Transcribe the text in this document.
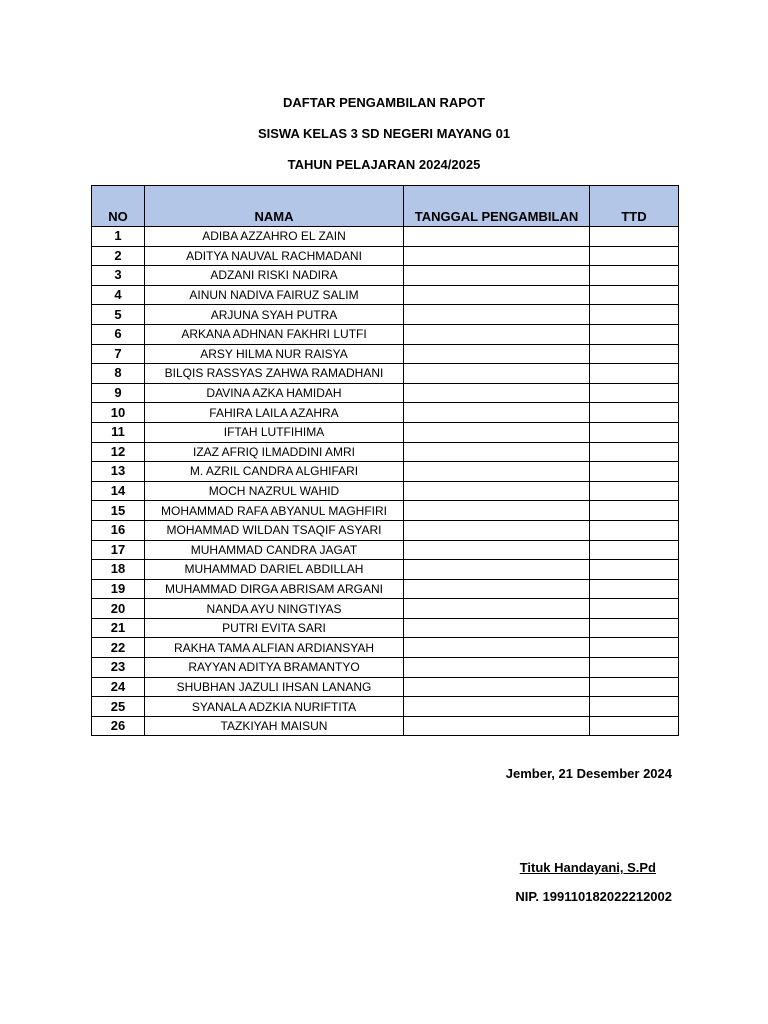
DAFTAR PENGAMBILAN RAPOT
SISWA KELAS 3 SD NEGERI MAYANG 01
TAHUN PELAJARAN 2024/2025
NO	NAMA	TANGGAL PENGAMBILAN	TTD
1	ADIBA AZZAHRO EL ZAIN		
2	ADITYA NAUVAL RACHMADANI		
3	ADZANI RISKI NADIRA		
4	AINUN NADIVA FAIRUZ SALIM		
5	ARJUNA SYAH PUTRA		
6	ARKANA ADHNAN FAKHRI LUTFI		
7	ARSY HILMA NUR RAISYA		
8	BILQIS RASSYAS ZAHWA RAMADHANI		
9	DAVINA AZKA HAMIDAH		
10	FAHIRA LAILA AZAHRA		
11	IFTAH LUTFIHIMA		
12	IZAZ AFRIQ ILMADDINI AMRI		
13	M. AZRIL CANDRA ALGHIFARI		
14	MOCH NAZRUL WAHID		
15	MOHAMMAD RAFA ABYANUL MAGHFIRI		
16	MOHAMMAD WILDAN TSAQIF ASYARI		
17	MUHAMMAD CANDRA JAGAT		
18	MUHAMMAD DARIEL ABDILLAH		
19	MUHAMMAD DIRGA ABRISAM ARGANI		
20	NANDA AYU NINGTIYAS		
21	PUTRI EVITA SARI		
22	RAKHA TAMA ALFIAN ARDIANSYAH		
23	RAYYAN ADITYA BRAMANTYO		
24	SHUBHAN JAZULI IHSAN LANANG		
25	SYANALA ADZKIA NURIFTITA		
26	TAZKIYAH MAISUN		
Jember, 21 Desember 2024
Tituk Handayani, S.Pd
NIP. 199110182022212002
